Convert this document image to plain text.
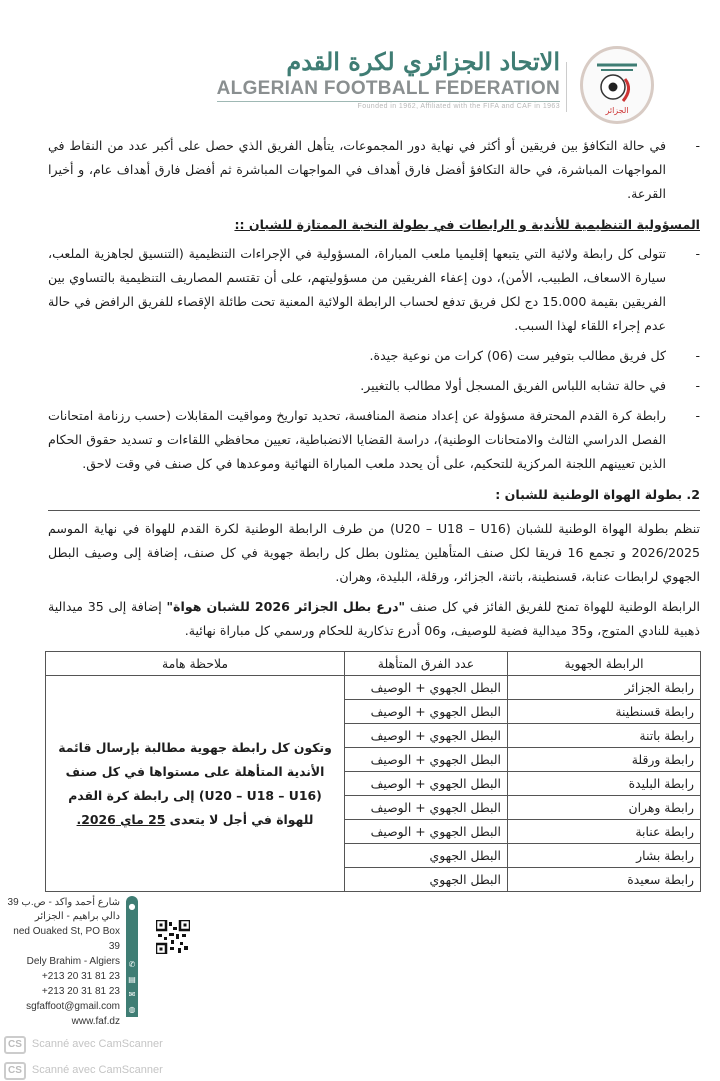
الاتحاد الجزائري لكرة القدم
ALGERIAN FOOTBALL FEDERATION
Founded in 1962, Affiliated with the FIFA and CAF in 1963	الجزائر
-
في حالة التكافؤ بين فريقين أو أكثر في نهاية دور المجموعات، يتأهل الفريق الذي حصل على أكبر عدد من النقاط في المواجهات المباشرة، في حالة التكافؤ أفضل فارق أهداف في المواجهات المباشرة ثم أفضل فارق أهداف عام، و أخيرا القرعة.
المسؤولية التنظيمية للأندية و الرابطات في بطولة النخبة الممتازة للشبان ::
-
تتولى كل رابطة ولائية التي يتبعها إقليميا ملعب المباراة، المسؤولية في الإجراءات التنظيمية (التنسيق لجاهزية الملعب، سيارة الاسعاف، الطبيب، الأمن)، دون إعفاء الفريقين من مسؤوليتهم، على أن تقتسم المصاريف التنظيمية بالتساوي بين الفريقين بقيمة 15.000 دج لكل فريق تدفع لحساب الرابطة الولائية المعنية تحت طائلة الإقصاء للفريق الرافض في حالة عدم إجراء اللقاء لهذا السبب.
-
كل فريق مطالب بتوفير ست (06) كرات من نوعية جيدة.
-
في حالة تشابه اللباس الفريق المسجل أولا مطالب بالتغيير.
-
رابطة كرة القدم المحترفة مسؤولة عن إعداد منصة المنافسة، تحديد تواريخ ومواقيت المقابلات (حسب رزنامة امتحانات الفصل الدراسي الثالث والامتحانات الوطنية)، دراسة القضايا الانضباطية، تعيين محافظي اللقاءات و تسديد حقوق الحكام الذين تعيينهم اللجنة المركزية للتحكيم، على أن يحدد ملعب المباراة النهائية وموعدها في كل صنف في وقت لاحق.
2. بطولة الهواة الوطنية للشبان :

تنظم بطولة الهواة الوطنية للشبان (U20 – U18 – U16) من طرف الرابطة الوطنية لكرة القدم للهواة في نهاية الموسم 2026/2025 و تجمع 16 فريقا لكل صنف المتأهلين يمثلون بطل كل رابطة جهوية في كل صنف، إضافة إلى وصيف البطل الجهوي لرابطات عنابة، قسنطينة، باتنة، الجزائر، ورقلة، البليدة، وهران.

الرابطة الوطنية للهواة تمنح للفريق الفائز في كل صنف "درع بطل الجزائر 2026 للشبان هواة" إضافة إلى 35 ميدالية ذهبية للنادي المتوج، و35 ميدالية فضية للوصيف، و06 أدرع تذكارية للحكام ورسمي كل مباراة نهائية.

الرابطة الجهوية	عدد الفرق المتأهلة	ملاحظة هامة
رابطة الجزائر	البطل الجهوي + الوصيف	وتكون كل رابطة جهوية مطالبة بإرسال قائمة الأندية المتأهلة على مستواها في كل صنف (U20 – U18 – U16) إلى رابطة كرة القدم للهواة في أجل لا يتعدى 25 ماي 2026.
رابطة قسنطينة	البطل الجهوي + الوصيف	
رابطة باتنة	البطل الجهوي + الوصيف	
رابطة ورقلة	البطل الجهوي + الوصيف	
رابطة البليدة	البطل الجهوي + الوصيف	
رابطة وهران	البطل الجهوي + الوصيف	
رابطة عنابة	البطل الجهوي + الوصيف	
رابطة بشار	البطل الجهوي	
رابطة سعيدة	البطل الجهوي	
شارع أحمد واكد - ص.ب 39
دالي براهيم - الجزائر
ned Ouaked St, PO Box 39
Dely Brahim - Algiers
+213 20 31 81 23
+213 20 31 81 23
sgfaffoot@gmail.com
www.faf.dz
●
✆
▤
✉
◍
CS Scanné avec CamScanner
CS Scanné avec CamScanner
